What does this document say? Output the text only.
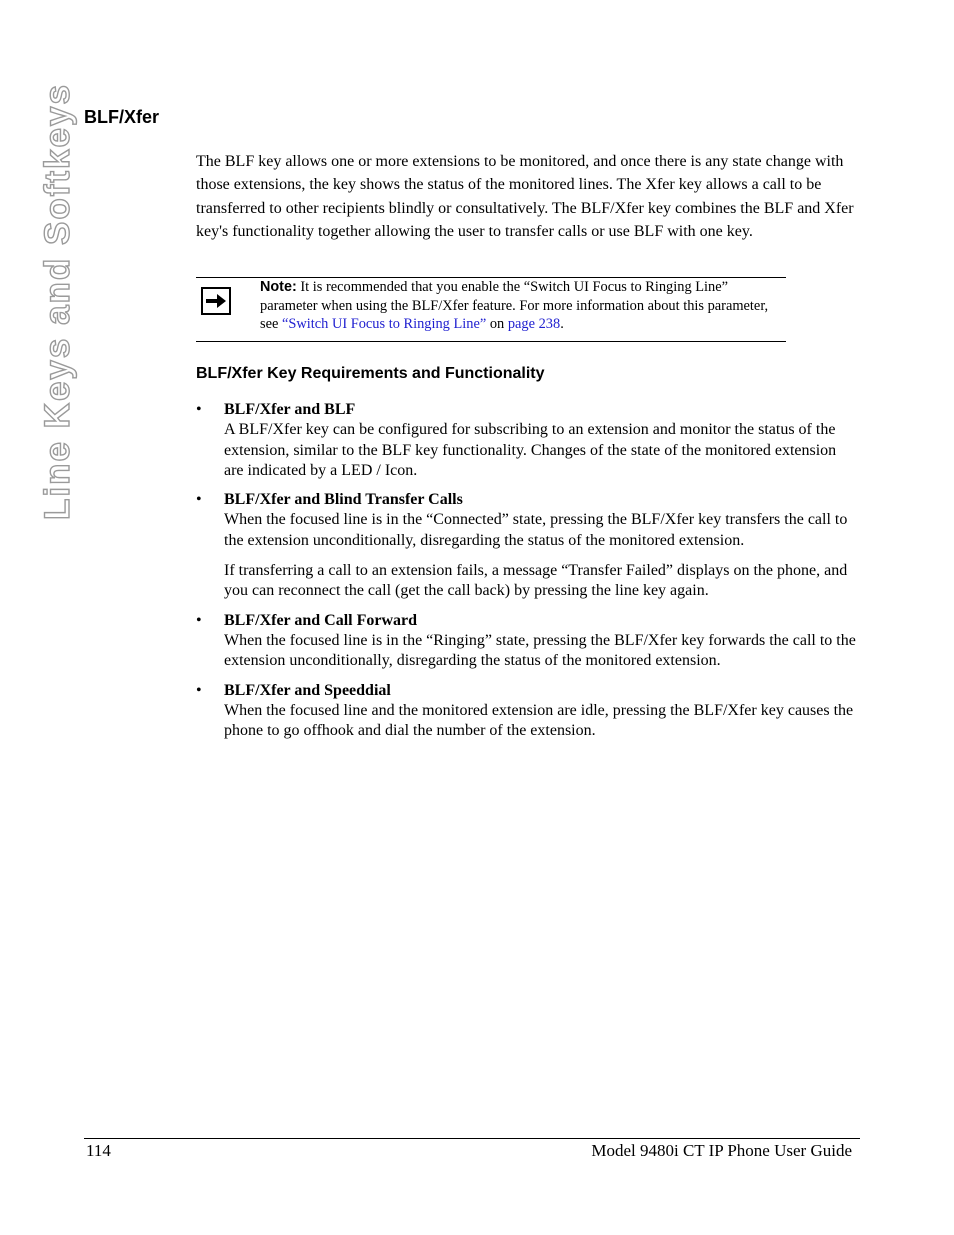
Line Keys and Softkeys BLF/Xfer

The BLF key allows one or more extensions to be monitored, and once there is any state change with those extensions, the key shows the status of the monitored lines. The Xfer key allows a call to be transferred to other recipients blindly or consultatively. The BLF/Xfer key combines the BLF and Xfer key's functionality together allowing the user to transfer calls or use BLF with one key.

Note: It is recommended that you enable the “Switch UI Focus to Ringing Line” parameter when using the BLF/Xfer feature. For more information about this parameter, see “Switch UI Focus to Ringing Line” on page 238.

BLF/Xfer Key Requirements and Functionality
• BLF/Xfer and BLF
A BLF/Xfer key can be configured for subscribing to an extension and monitor the status of the extension, similar to the BLF key functionality. Changes of the state of the monitored extension are indicated by a LED / Icon.
• BLF/Xfer and Blind Transfer Calls
When the focused line is in the “Connected” state, pressing the BLF/Xfer key transfers the call to the extension unconditionally, disregarding the status of the monitored extension.
If transferring a call to an extension fails, a message “Transfer Failed” displays on the phone, and you can reconnect the call (get the call back) by pressing the line key again.
• BLF/Xfer and Call Forward
When the focused line is in the “Ringing” state, pressing the BLF/Xfer key forwards the call to the extension unconditionally, disregarding the status of the monitored extension.
• BLF/Xfer and Speeddial
When the focused line and the monitored extension are idle, pressing the BLF/Xfer key causes the phone to go offhook and dial the number of the extension.
114	Model 9480i CT IP Phone User Guide
